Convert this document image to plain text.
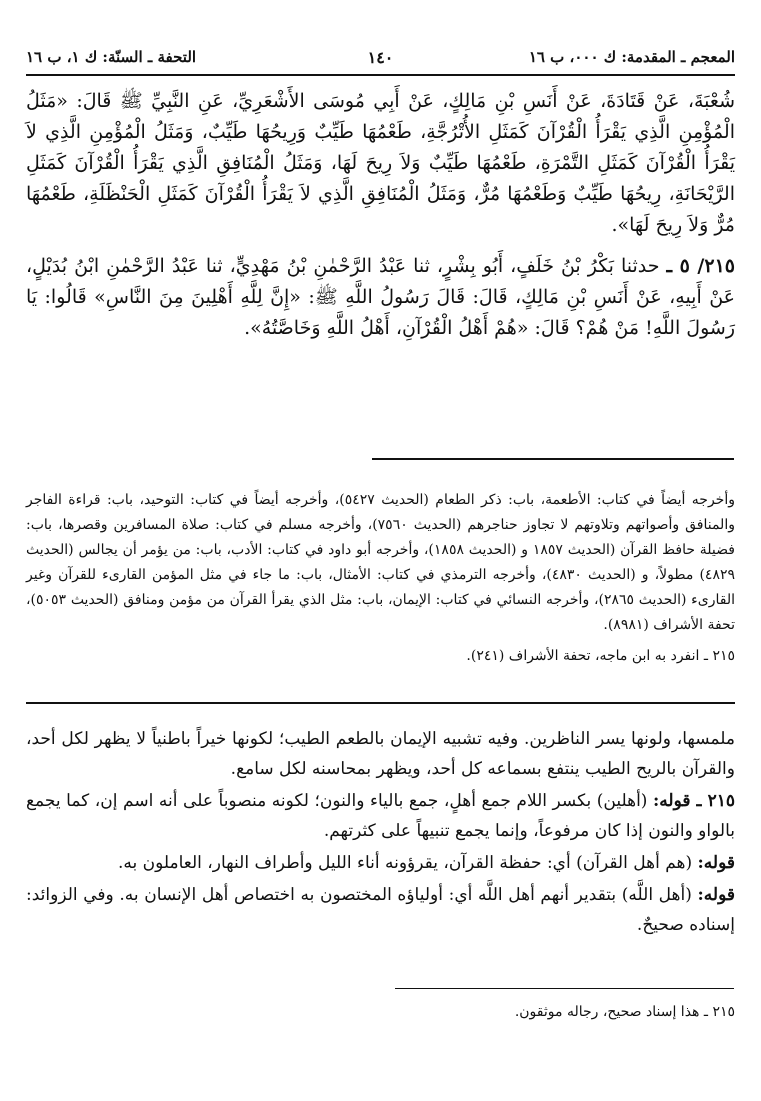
المعجم ـ المقدمة: ك ٠٠٠، ب ١٦
١٤٠
التحفة ـ السنّة: ك ١، ب ١٦

شُعْبَةَ، عَنْ قَتَادَةَ، عَنْ أَنَسِ بْنِ مَالِكٍ، عَنْ أَبِي مُوسَى الأَشْعَرِيِّ، عَنِ النَّبِيِّ ﷺ قَالَ: «مَثَلُ الْمُؤْمِنِ الَّذِي يَقْرَأُ الْقُرْآنَ كَمَثَلِ الأُتْرُجَّةِ، طَعْمُهَا طَيِّبٌ وَرِيحُهَا طَيِّبٌ، وَمَثَلُ الْمُؤْمِنِ الَّذِي لاَ يَقْرَأُ الْقُرْآنَ كَمَثَلِ التَّمْرَةِ، طَعْمُهَا طَيِّبٌ وَلاَ رِيحَ لَهَا، وَمَثَلُ الْمُنَافِقِ الَّذِي يَقْرَأُ الْقُرْآنَ كَمَثَلِ الرَّيْحَانَةِ، رِيحُهَا طَيِّبٌ وَطَعْمُهَا مُرٌّ، وَمَثَلُ الْمُنَافِقِ الَّذِي لاَ يَقْرَأُ الْقُرْآنَ كَمَثَلِ الْحَنْظَلَةِ، طَعْمُهَا مُرٌّ وَلاَ رِيحَ لَهَا».

٢١٥/ ٥ ـ حدثنا بَكْرُ بْنُ خَلَفٍ، أَبُو بِشْرٍ، ثنا عَبْدُ الرَّحْمٰنِ بْنُ مَهْدِيٍّ، ثنا عَبْدُ الرَّحْمٰنِ ابْنُ بُدَيْلٍ، عَنْ أَبِيهِ، عَنْ أَنَسِ بْنِ مَالِكٍ، قَالَ: قَالَ رَسُولُ اللَّهِ ﷺ: «إِنَّ لِلَّهِ أَهْلِينَ مِنَ النَّاسِ» قَالُوا: يَا رَسُولَ اللَّهِ! مَنْ هُمْ؟ قَالَ: «هُمْ أَهْلُ الْقُرْآنِ، أَهْلُ اللَّهِ وَخَاصَّتُهُ».

وأخرجه أيضاً في كتاب: الأطعمة، باب: ذكر الطعام (الحديث ٥٤٢٧)، وأخرجه أيضاً في كتاب: التوحيد، باب: قراءة الفاجر والمنافق وأصواتهم وتلاوتهم لا تجاوز حناجرهم (الحديث ٧٥٦٠)، وأخرجه مسلم في كتاب: صلاة المسافرين وقصرها، باب: فضيلة حافظ القرآن (الحديث ١٨٥٧ و (الحديث ١٨٥٨)، وأخرجه أبو داود في كتاب: الأدب، باب: من يؤمر أن يجالس (الحديث ٤٨٢٩) مطولاً، و (الحديث ٤٨٣٠)، وأخرجه الترمذي في كتاب: الأمثال، باب: ما جاء في مثل المؤمن القارىء للقرآن وغير القارىء (الحديث ٢٨٦٥)، وأخرجه النسائي في كتاب: الإيمان، باب: مثل الذي يقرأ القرآن من مؤمن ومنافق (الحديث ٥٠٥٣)، تحفة الأشراف (٨٩٨١).

٢١٥ ـ انفرد به ابن ماجه، تحفة الأشراف (٢٤١).

ملمسها، ولونها يسر الناظرين. وفيه تشبيه الإيمان بالطعم الطيب؛ لكونها خيراً باطنياً لا يظهر لكل أحد، والقرآن بالريح الطيب ينتفع بسماعه كل أحد، ويظهر بمحاسنه لكل سامع.

٢١٥ ـ قوله: (أهلين) بكسر اللام جمع أهلٍ، جمع بالياء والنون؛ لكونه منصوباً على أنه اسم إن، كما يجمع بالواو والنون إذا كان مرفوعاً، وإنما يجمع تنبيهاً على كثرتهم.

قوله: (هم أهل القرآن) أي: حفظة القرآن، يقرؤونه أناء الليل وأطراف النهار، العاملون به.

قوله: (أهل اللَّه) بتقدير أنهم أهل اللَّه أي: أولياؤه المختصون به اختصاص أهل الإنسان به. وفي الزوائد: إسناده صحيحٌ.

٢١٥ ـ هذا إسناد صحيح، رجاله موثقون.
